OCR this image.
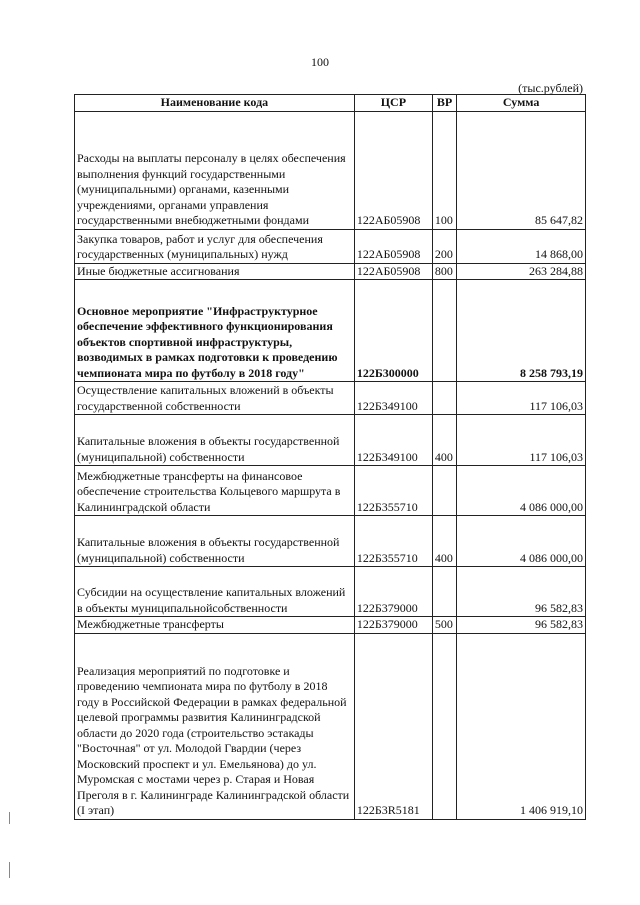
100
(тыс.рублей)
Наименование кода	ЦСР	ВР	Сумма
Расходы на выплаты персоналу в целях обеспечения выполнения функций государственными (муниципальными) органами, казенными учреждениями, органами управления государственными внебюджетными фондами	122АБ05908	100	85 647,82
Закупка товаров, работ и услуг для обеспечения государственных (муниципальных) нужд	122АБ05908	200	14 868,00
Иные бюджетные ассигнования	122АБ05908	800	263 284,88
Основное мероприятие "Инфраструктурное обеспечение эффективного функционирования объектов спортивной инфраструктуры, возводимых в рамках подготовки к проведению чемпионата мира по футболу в 2018 году"	122Б300000		8 258 793,19
Осуществление капитальных вложений в объекты государственной собственности	122Б349100		117 106,03
Капитальные вложения в объекты государственной (муниципальной) собственности	122Б349100	400	117 106,03
Межбюджетные трансферты на финансовое обеспечение строительства Кольцевого маршрута в Калининградской области	122Б355710		4 086 000,00
Капитальные вложения в объекты государственной (муниципальной) собственности	122Б355710	400	4 086 000,00
Субсидии на осуществление капитальных вложений в объекты муниципальнойсобственности	122Б379000		96 582,83
Межбюджетные трансферты	122Б379000	500	96 582,83
Реализация мероприятий по подготовке и проведению чемпионата мира по футболу в 2018 году в Российской Федерации в рамках федеральной целевой программы развития Калининградской области до 2020 года (строительство эстакады "Восточная" от ул. Молодой Гвардии (через Московский проспект и ул. Емельянова) до ул. Муромская с мостами через р. Старая и Новая Преголя в г. Калининграде Калининградской области (I этап)	122Б3R5181		1 406 919,10
